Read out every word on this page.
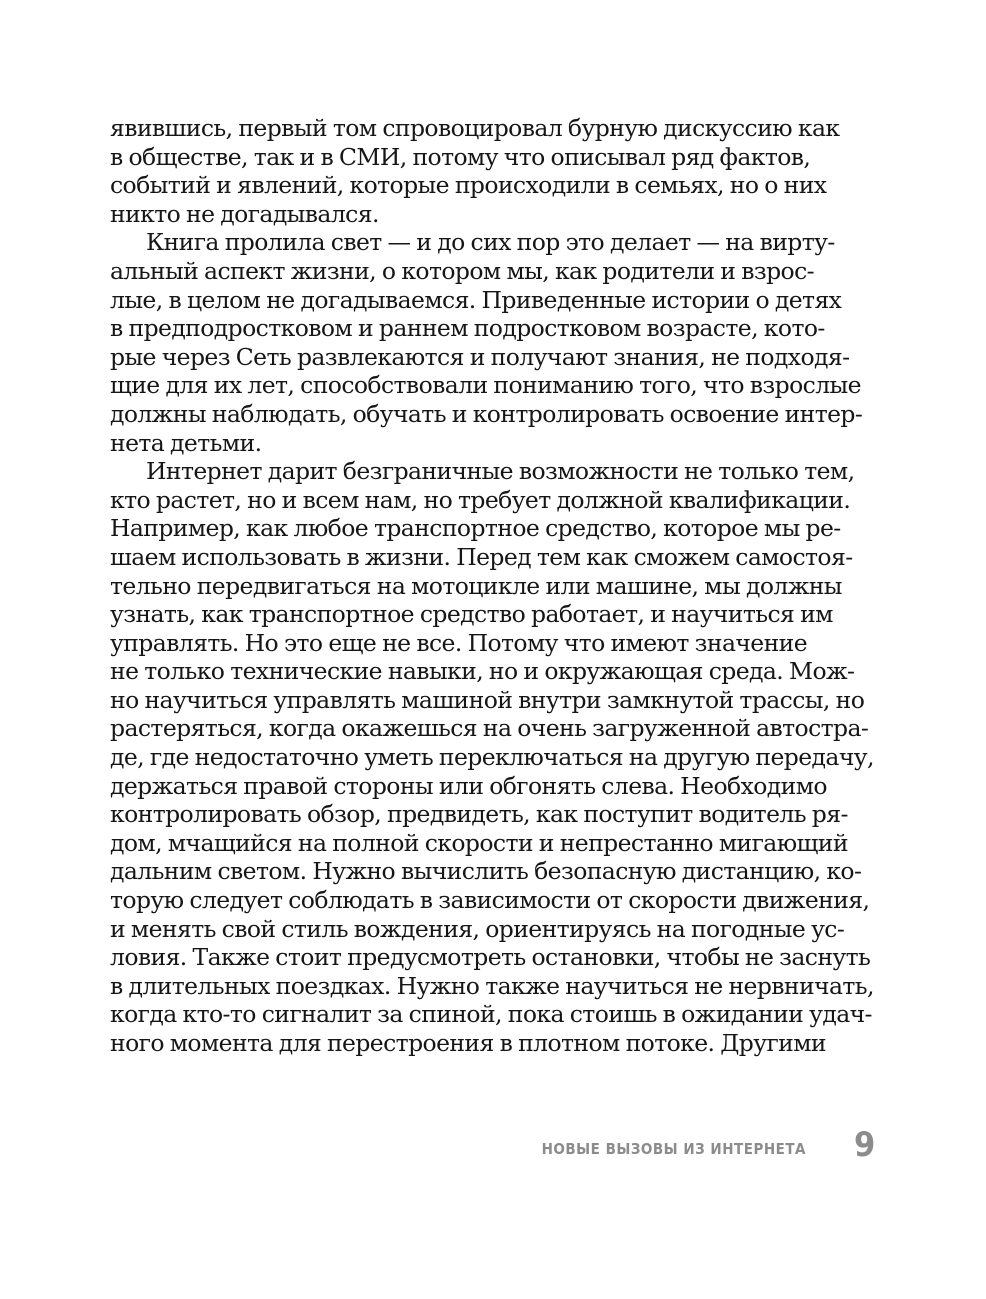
явившись, первый том спровоцировал бурную дискуссию как
в обществе, так и в СМИ, потому что описывал ряд фактов,
событий и явлений, которые происходили в семьях, но о них
никто не догадывался.
Книга пролила свет — и до сих пор это делает — на вирту-
альный аспект жизни, о котором мы, как родители и взрос-
лые, в целом не догадываемся. Приведенные истории о детях
в предподростковом и раннем подростковом возрасте, кото-
рые через Сеть развлекаются и получают знания, не подходя-
щие для их лет, способствовали пониманию того, что взрослые
должны наблюдать, обучать и контролировать освоение интер-
нета детьми.
Интернет дарит безграничные возможности не только тем,
кто растет, но и всем нам, но требует должной квалификации.
Например, как любое транспортное средство, которое мы ре-
шаем использовать в жизни. Перед тем как сможем самостоя-
тельно передвигаться на мотоцикле или машине, мы должны
узнать, как транспортное средство работает, и научиться им
управлять. Но это еще не все. Потому что имеют значение
не только технические навыки, но и окружающая среда. Мож-
но научиться управлять машиной внутри замкнутой трассы, но
растеряться, когда окажешься на очень загруженной автостра-
де, где недостаточно уметь переключаться на другую передачу,
держаться правой стороны или обгонять слева. Необходимо
контролировать обзор, предвидеть, как поступит водитель ря-
дом, мчащийся на полной скорости и непрестанно мигающий
дальним светом. Нужно вычислить безопасную дистанцию, ко-
торую следует соблюдать в зависимости от скорости движения,
и менять свой стиль вождения, ориентируясь на погодные ус-
ловия. Также стоит предусмотреть остановки, чтобы не заснуть
в длительных поездках. Нужно также научиться не нервничать,
когда кто-то сигналит за спиной, пока стоишь в ожидании удач-
ного момента для перестроения в плотном потоке. Другими
НОВЫЕ ВЫЗОВЫ ИЗ ИНТЕРНЕТА 9
